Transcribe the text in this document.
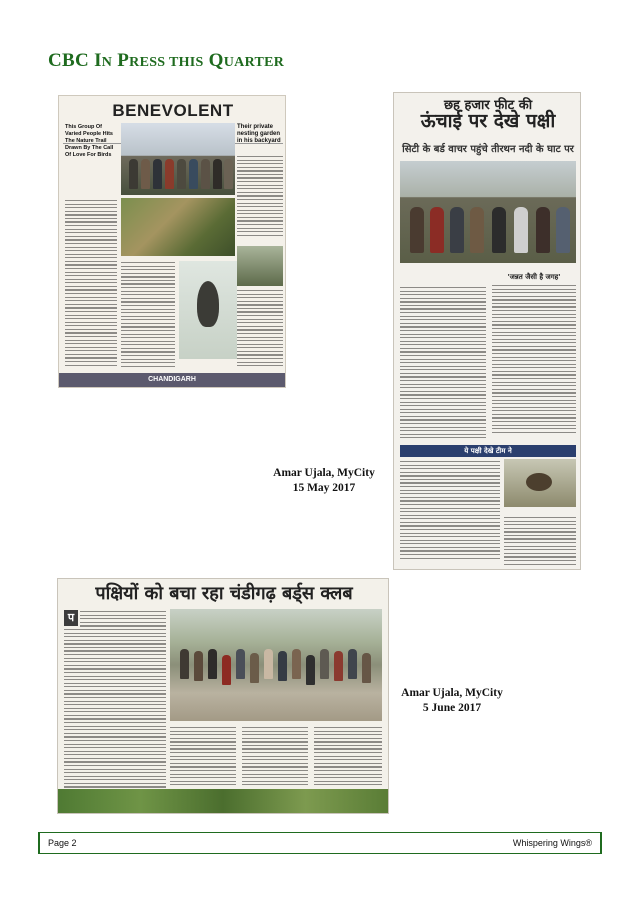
CBC IN PRESS THIS QUARTER
BENEVOLENT
This Group Of Varied People Hits The Nature Trail Drawn By The Call Of Love For Birds
Their private nesting garden in his backyard
CHANDIGARH
छह हजार फीट की
ऊंचाई पर देखे पक्षी
सिटी के बर्ड वाचर पहुंचे तीरथन नदी के घाट पर
'जन्नत जैसी है जगह'
ये पक्षी देखे टीम ने
पक्षियों को बचा रहा चंडीगढ़ बर्ड्स क्लब
प
Amar Ujala, MyCity
15 May 2017
Amar Ujala, MyCity
5 June 2017
Page 2	Whispering Wings®
